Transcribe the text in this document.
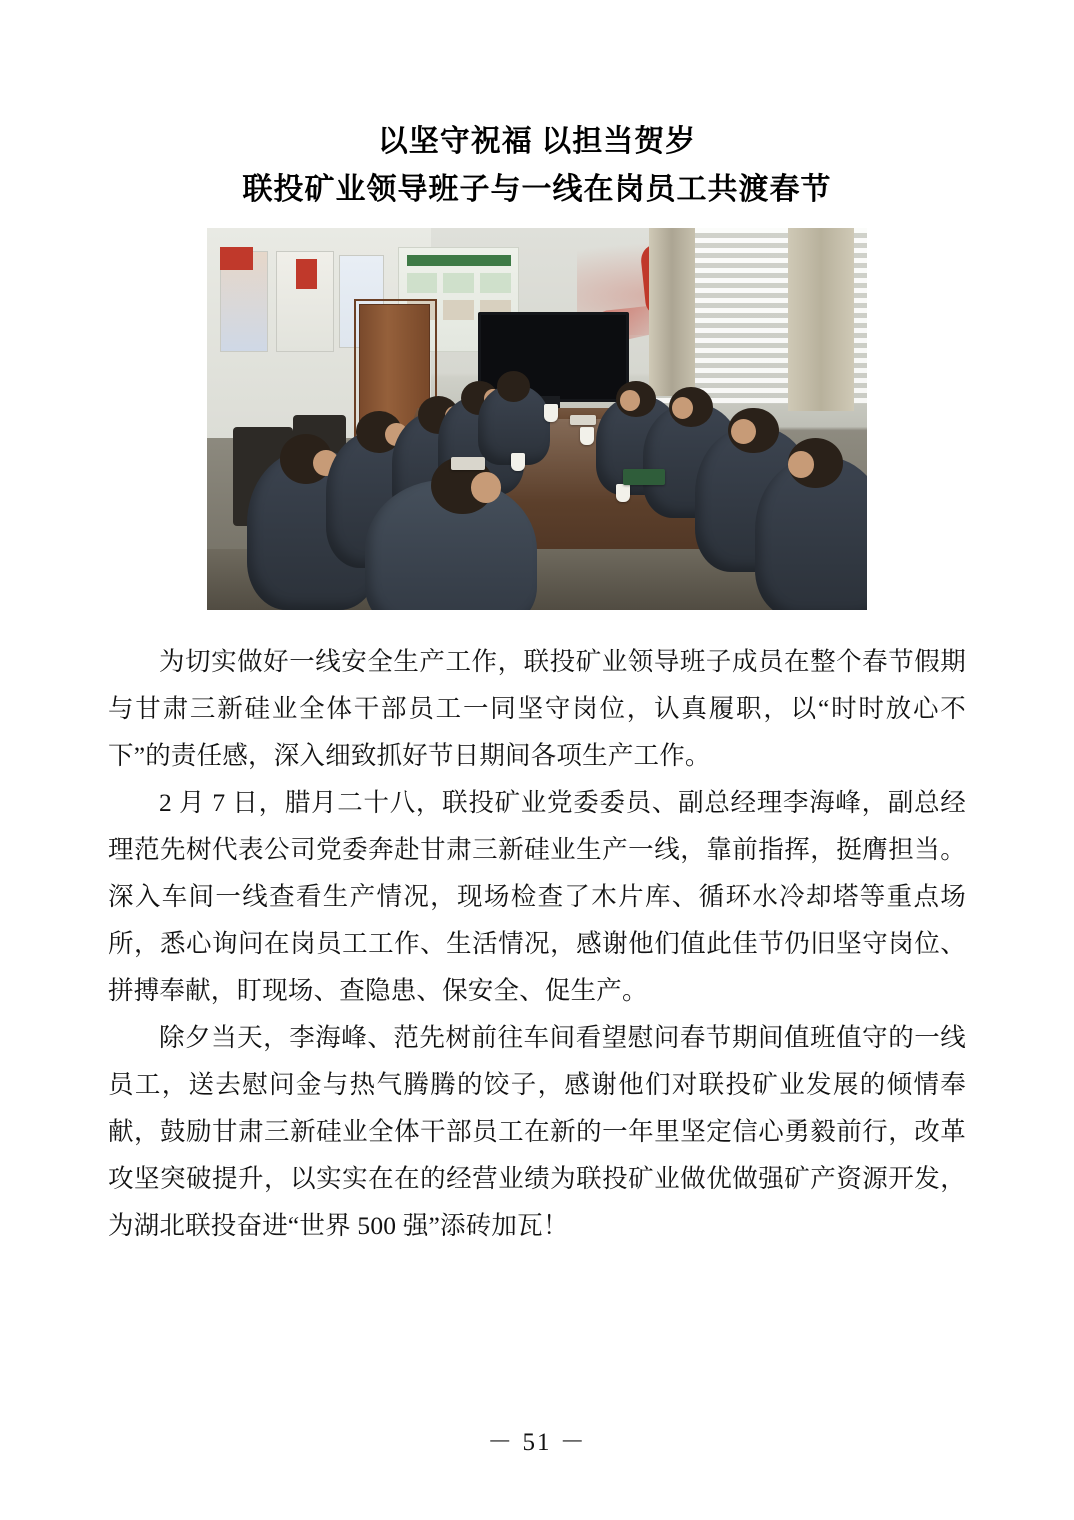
以坚守祝福 以担当贺岁
联投矿业领导班子与一线在岗员工共渡春节

为切实做好一线安全生产工作，联投矿业领导班子成员在整个春节假期与甘肃三新硅业全体干部员工一同坚守岗位，认真履职，以“时时放心不下”的责任感，深入细致抓好节日期间各项生产工作。

2 月 7 日，腊月二十八，联投矿业党委委员、副总经理李海峰，副总经理范先树代表公司党委奔赴甘肃三新硅业生产一线，靠前指挥，挺膺担当。深入车间一线查看生产情况，现场检查了木片库、循环水冷却塔等重点场所，悉心询问在岗员工工作、生活情况，感谢他们值此佳节仍旧坚守岗位、拼搏奉献，盯现场、查隐患、保安全、促生产。

除夕当天，李海峰、范先树前往车间看望慰问春节期间值班值守的一线员工，送去慰问金与热气腾腾的饺子，感谢他们对联投矿业发展的倾情奉献，鼓励甘肃三新硅业全体干部员工在新的一年里坚定信心勇毅前行，改革攻坚突破提升，以实实在在的经营业绩为联投矿业做优做强矿产资源开发，为湖北联投奋进“世界 500 强”添砖加瓦！

－ 51 －
